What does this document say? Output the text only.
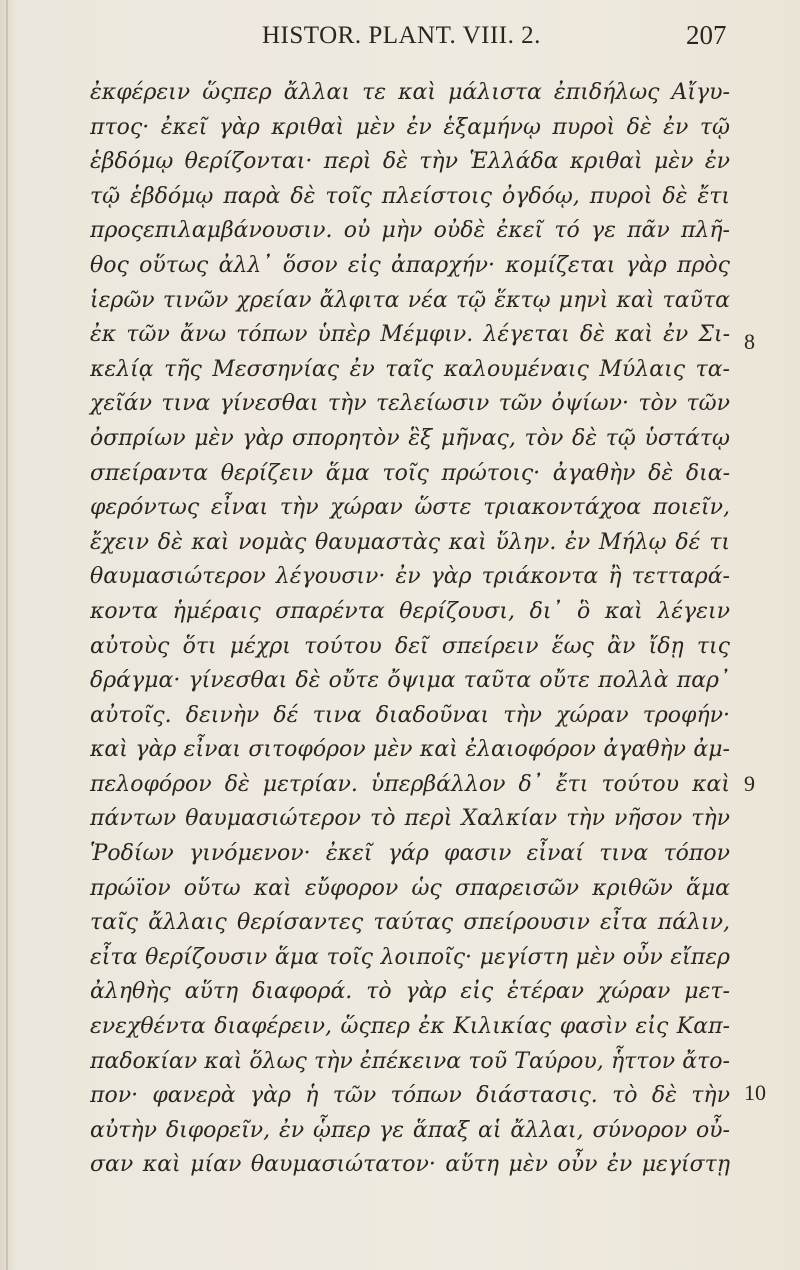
HISTOR. PLANT. VIII. 2.	207
ἐκφέρειν ὥςπερ ἄλλαι τε καὶ μάλιστα ἐπιδήλως Αἴγυ-
πτος· ἐκεῖ γὰρ κριθαὶ μὲν ἐν ἑξαμήνῳ πυροὶ δὲ ἐν τῷ
ἑβδόμῳ θερίζονται· περὶ δὲ τὴν Ἑλλάδα κριθαὶ μὲν ἐν
τῷ ἑβδόμῳ παρὰ δὲ τοῖς πλείστοις ὀγδόῳ, πυροὶ δὲ ἔτι
προςεπιλαμβάνουσιν. οὐ μὴν οὐδὲ ἐκεῖ τό γε πᾶν πλῆ-
θος οὕτως ἀλλ᾽ ὅσον εἰς ἀπαρχήν· κομίζεται γὰρ πρὸς
ἱερῶν τινῶν χρείαν ἄλφιτα νέα τῷ ἕκτῳ μηνὶ καὶ ταῦτα
ἐκ τῶν ἄνω τόπων ὑπὲρ Μέμφιν. λέγεται δὲ καὶ ἐν Σι-
κελίᾳ τῆς Μεσσηνίας ἐν ταῖς καλουμέναις Μύλαις τα-
χεῖάν τινα γίνεσθαι τὴν τελείωσιν τῶν ὀψίων· τὸν τῶν
ὀσπρίων μὲν γὰρ σπορητὸν ἓξ μῆνας, τὸν δὲ τῷ ὑστάτῳ
σπείραντα θερίζειν ἅμα τοῖς πρώτοις· ἀγαθὴν δὲ δια-
φερόντως εἶναι τὴν χώραν ὥστε τριακοντάχοα ποιεῖν,
ἔχειν δὲ καὶ νομὰς θαυμαστὰς καὶ ὕλην. ἐν Μήλῳ δέ τι
θαυμασιώτερον λέγουσιν· ἐν γὰρ τριάκοντα ἢ τετταρά-
κοντα ἡμέραις σπαρέντα θερίζουσι, δι᾽ ὃ καὶ λέγειν
αὐτοὺς ὅτι μέχρι τούτου δεῖ σπείρειν ἕως ἂν ἴδῃ τις
δράγμα· γίνεσθαι δὲ οὔτε ὄψιμα ταῦτα οὔτε πολλὰ παρ᾽
αὐτοῖς. δεινὴν δέ τινα διαδοῦναι τὴν χώραν τροφήν·
καὶ γὰρ εἶναι σιτοφόρον μὲν καὶ ἐλαιοφόρον ἀγαθὴν ἀμ-
πελοφόρον δὲ μετρίαν. ὑπερβάλλον δ᾽ ἔτι τούτου καὶ
πάντων θαυμασιώτερον τὸ περὶ Χαλκίαν τὴν νῆσον τὴν
Ῥοδίων γινόμενον· ἐκεῖ γάρ φασιν εἶναί τινα τόπον
πρώϊον οὕτω καὶ εὔφορον ὡς σπαρεισῶν κριθῶν ἅμα
ταῖς ἄλλαις θερίσαντες ταύτας σπείρουσιν εἶτα πάλιν,
εἶτα θερίζουσιν ἅμα τοῖς λοιποῖς· μεγίστη μὲν οὖν εἴπερ
ἀληθὴς αὕτη διαφορά. τὸ γὰρ εἰς ἑτέραν χώραν μετ-
ενεχθέντα διαφέρειν, ὥςπερ ἐκ Κιλικίας φασὶν εἰς Καπ-
παδοκίαν καὶ ὅλως τὴν ἐπέκεινα τοῦ Ταύρου, ἧττον ἄτο-
πον· φανερὰ γὰρ ἡ τῶν τόπων διάστασις. τὸ δὲ τὴν
αὐτὴν διφορεῖν, ἐν ᾧπερ γε ἅπαξ αἱ ἄλλαι, σύνορον οὖ-
σαν καὶ μίαν θαυμασιώτατον· αὕτη μὲν οὖν ἐν μεγίστῃ
8
9
10
